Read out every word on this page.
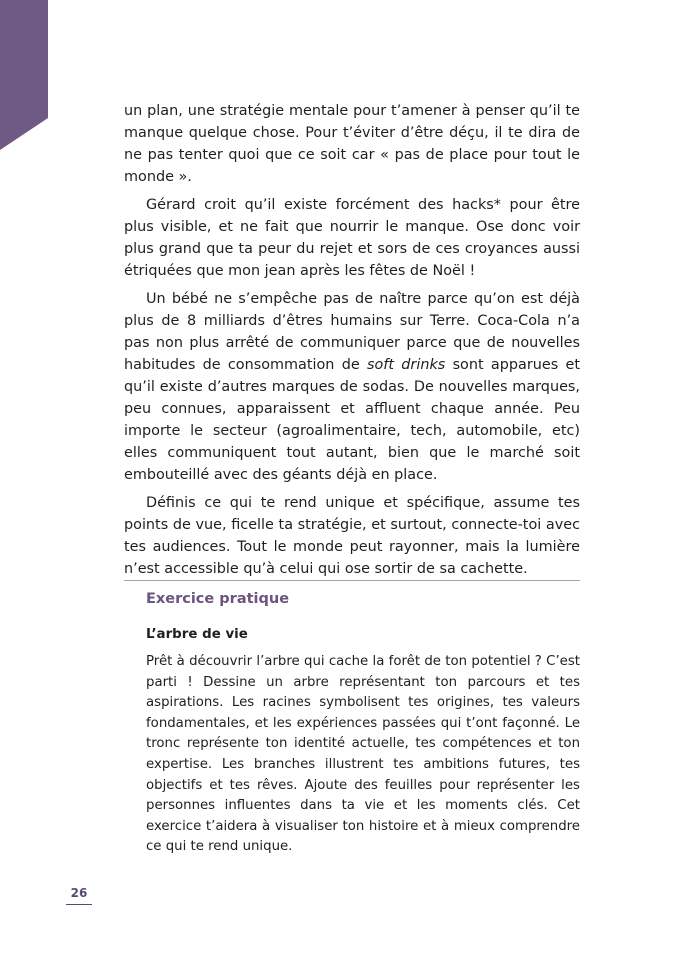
un plan, une stratégie mentale pour t’amener à penser qu’il te manque quelque chose. Pour t’éviter d’être déçu, il te dira de ne pas tenter quoi que ce soit car « pas de place pour tout le monde ».

Gérard croit qu’il existe forcément des hacks* pour être plus visible, et ne fait que nourrir le manque. Ose donc voir plus grand que ta peur du rejet et sors de ces croyances aussi étriquées que mon jean après les fêtes de Noël !

Un bébé ne s’empêche pas de naître parce qu’on est déjà plus de 8 milliards d’êtres humains sur Terre. Coca-Cola n’a pas non plus arrêté de communiquer parce que de nouvelles habitudes de consommation de soft drinks sont apparues et qu’il existe d’autres marques de sodas. De nouvelles marques, peu connues, apparaissent et affluent chaque année. Peu importe le secteur (agroalimentaire, tech, automobile, etc) elles communiquent tout autant, bien que le marché soit embouteillé avec des géants déjà en place.

Définis ce qui te rend unique et spécifique, assume tes points de vue, ficelle ta stratégie, et surtout, connecte-toi avec tes audiences. Tout le monde peut rayonner, mais la lumière n’est accessible qu’à celui qui ose sortir de sa cachette.

Exercice pratique
L’arbre de vie

Prêt à découvrir l’arbre qui cache la forêt de ton potentiel ? C’est parti ! Dessine un arbre représentant ton parcours et tes aspirations. Les racines symbolisent tes origines, tes valeurs fondamentales, et les expériences passées qui t’ont façonné. Le tronc représente ton identité actuelle, tes compétences et ton expertise. Les branches illustrent tes ambitions futures, tes objectifs et tes rêves. Ajoute des feuilles pour représenter les personnes influentes dans ta vie et les moments clés. Cet exercice t’aidera à visualiser ton histoire et à mieux comprendre ce qui te rend unique.

26
